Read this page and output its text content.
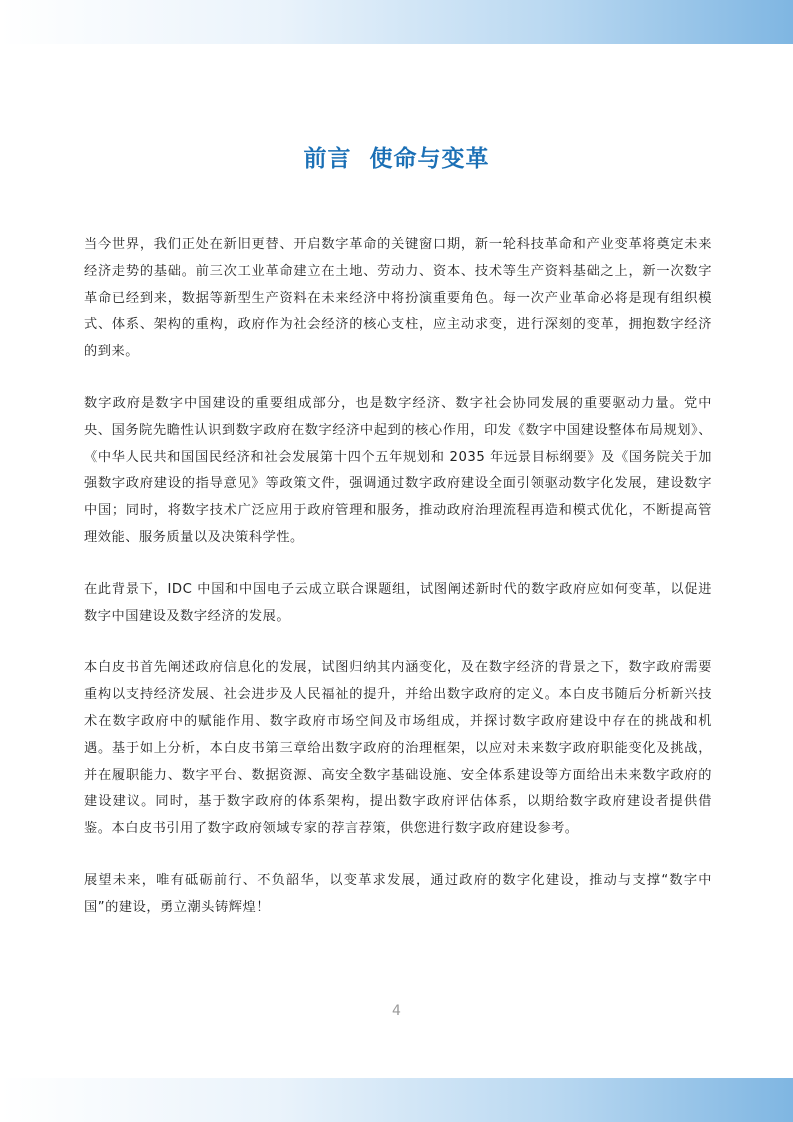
前言  使命与变革

当今世界，我们正处在新旧更替、开启数字革命的关键窗口期，新一轮科技革命和产业变革将奠定未来经济走势的基础。前三次工业革命建立在土地、劳动力、资本、技术等生产资料基础之上，新一次数字革命已经到来，数据等新型生产资料在未来经济中将扮演重要角色。每一次产业革命必将是现有组织模式、体系、架构的重构，政府作为社会经济的核心支柱，应主动求变，进行深刻的变革，拥抱数字经济的到来。

数字政府是数字中国建设的重要组成部分，也是数字经济、数字社会协同发展的重要驱动力量。党中央、国务院先瞻性认识到数字政府在数字经济中起到的核心作用，印发《数字中国建设整体布局规划》、《中华人民共和国国民经济和社会发展第十四个五年规划和 2035 年远景目标纲要》及《国务院关于加强数字政府建设的指导意见》等政策文件，强调通过数字政府建设全面引领驱动数字化发展，建设数字中国；同时，将数字技术广泛应用于政府管理和服务，推动政府治理流程再造和模式优化，不断提高管理效能、服务质量以及决策科学性。

在此背景下，IDC 中国和中国电子云成立联合课题组，试图阐述新时代的数字政府应如何变革，以促进数字中国建设及数字经济的发展。

本白皮书首先阐述政府信息化的发展，试图归纳其内涵变化，及在数字经济的背景之下，数字政府需要重构以支持经济发展、社会进步及人民福祉的提升，并给出数字政府的定义。本白皮书随后分析新兴技术在数字政府中的赋能作用、数字政府市场空间及市场组成，并探讨数字政府建设中存在的挑战和机遇。基于如上分析，本白皮书第三章给出数字政府的治理框架，以应对未来数字政府职能变化及挑战，并在履职能力、数字平台、数据资源、高安全数字基础设施、安全体系建设等方面给出未来数字政府的建设建议。同时，基于数字政府的体系架构，提出数字政府评估体系，以期给数字政府建设者提供借鉴。本白皮书引用了数字政府领域专家的荐言荐策，供您进行数字政府建设参考。

展望未来，唯有砥砺前行、不负韶华，以变革求发展，通过政府的数字化建设，推动与支撑“数字中国”的建设，勇立潮头铸辉煌！

4
